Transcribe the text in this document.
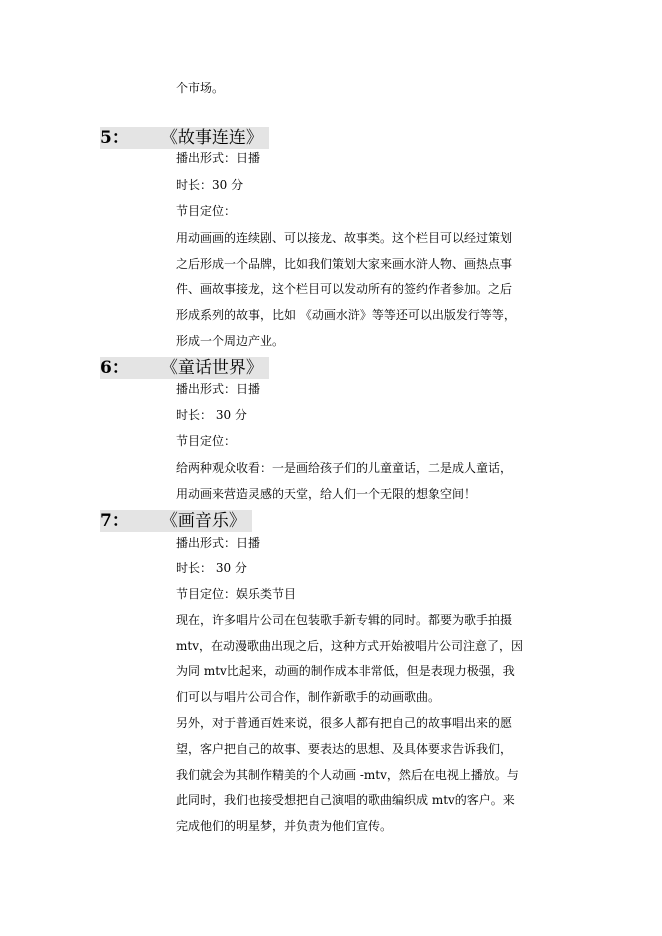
个市场。
5： 《故事连连》
播出形式：日播
时长：30 分
节目定位：
用动画画的连续剧、可以接龙、故事类。这个栏目可以经过策划
之后形成一个品牌，比如我们策划大家来画水浒人物、画热点事
件、画故事接龙，这个栏目可以发动所有的签约作者参加。之后
形成系列的故事，比如 《动画水浒》等等还可以出版发行等等，
形成一个周边产业。
6： 《童话世界》
播出形式：日播
时长： 30 分
节目定位：
给两种观众收看：一是画给孩子们的儿童童话，二是成人童话，
用动画来营造灵感的天堂，给人们一个无限的想象空间！
7： 《画音乐》
播出形式：日播
时长： 30 分
节目定位：娱乐类节目
现在，许多唱片公司在包装歌手新专辑的同时。都要为歌手拍摄
mtv，在动漫歌曲出现之后，这种方式开始被唱片公司注意了，因
为同 mtv比起来，动画的制作成本非常低，但是表现力极强，我
们可以与唱片公司合作，制作新歌手的动画歌曲。
另外，对于普通百姓来说，很多人都有把自己的故事唱出来的愿
望，客户把自己的故事、要表达的思想、及具体要求告诉我们，
我们就会为其制作精美的个人动画 -mtv，然后在电视上播放。与
此同时，我们也接受想把自己演唱的歌曲编织成 mtv的客户。来
完成他们的明星梦，并负责为他们宣传。
